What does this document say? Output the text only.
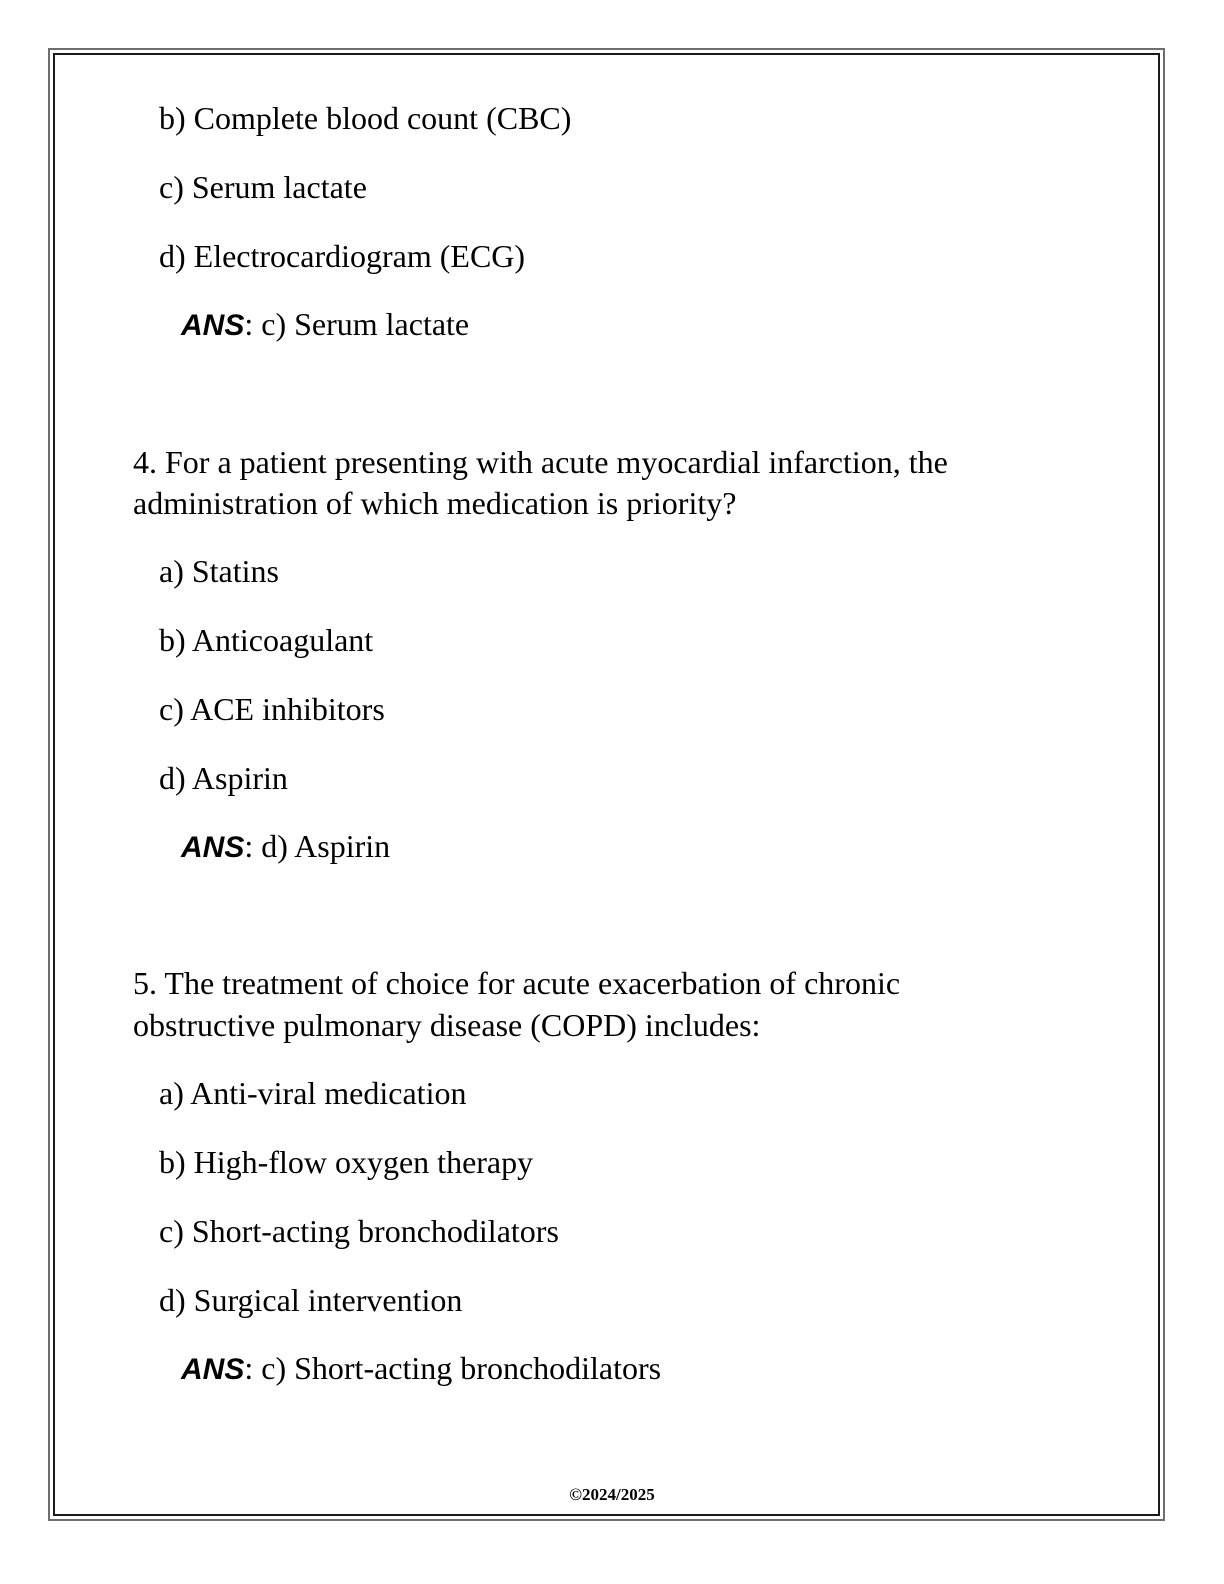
b) Complete blood count (CBC)
c) Serum lactate
d) Electrocardiogram (ECG)
ANS: c) Serum lactate
4. For a patient presenting with acute myocardial infarction, the
administration of which medication is priority?
a) Statins
b) Anticoagulant
c) ACE inhibitors
d) Aspirin
ANS: d) Aspirin
5. The treatment of choice for acute exacerbation of chronic
obstructive pulmonary disease (COPD) includes:
a) Anti-viral medication
b) High-flow oxygen therapy
c) Short-acting bronchodilators
d) Surgical intervention
ANS: c) Short-acting bronchodilators
©2024/2025
